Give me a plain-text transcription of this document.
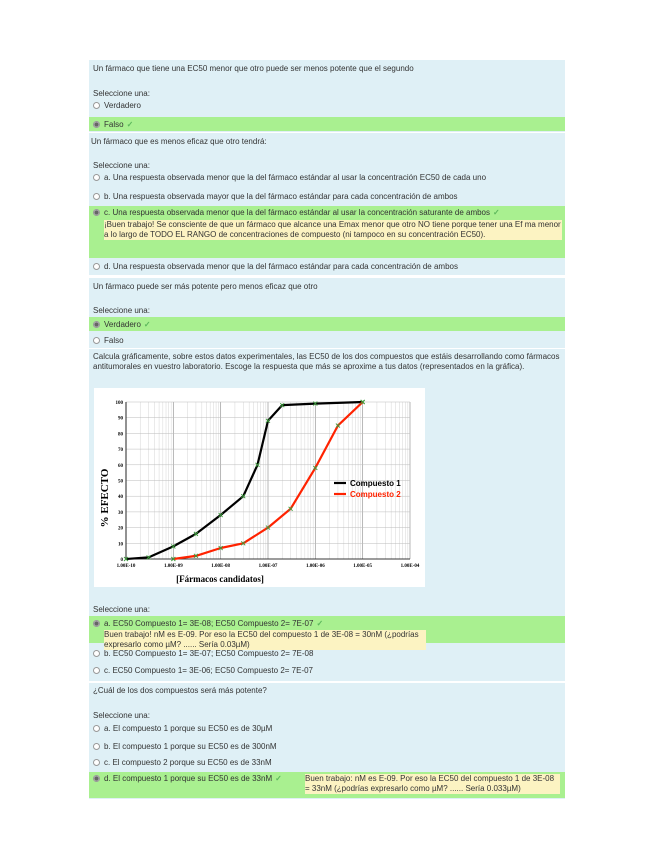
Un fármaco que tiene una EC50 menor que otro puede ser menos potente que el segundo
Seleccione una:
Verdadero
Falso ✓
Un fármaco que es menos eficaz que otro tendrá:
Seleccione una:
a. Una respuesta observada menor que la del fármaco estándar al usar la concentración EC50 de cada uno
b. Una respuesta observada mayor que la del fármaco estándar para cada concentración de ambos
c. Una respuesta observada menor que la del fármaco estándar al usar la concentración saturante de ambos ✓
¡Buen trabajo! Se consciente de que un fármaco que alcance una Emax menor que otro NO tiene porque tener una Ef ma menor a lo largo de TODO EL RANGO de concentraciones de compuesto (ni tampoco en su concentración EC50).
d. Una respuesta observada menor que la del fármaco estándar para cada concentración de ambos
Un fármaco puede ser más potente pero menos eficaz que otro
Seleccione una:
Verdadero ✓
Falso
Calcula gráficamente, sobre estos datos experimentales, las EC50 de los dos compuestos que estáis desarrollando como fármacos antitumorales en vuestro laboratorio. Escoge la respuesta que más se aproxime a tus datos (representados en la gráfica).
0
10
20
30
40
50
60
70
80
90
100
1.00E-10	1.00E-09	1.00E-08	1.00E-07	1.00E-06	1.00E-05	1.00E-04
Compuesto 1
Compuesto 2
% EFECTO
[Fármacos candidatos]
Seleccione una:
a. EC50 Compuesto 1= 3E-08; EC50 Compuesto 2= 7E-07 ✓
Buen trabajo! nM es E-09. Por eso la EC50 del compuesto 1 de 3E-08 = 30nM (¿podrías expresarlo como µM? ...... Sería 0.03µM)
b. EC50 Compuesto 1= 3E-07; EC50 Compuesto 2= 7E-08
c. EC50 Compuesto 1= 3E-06; EC50 Compuesto 2= 7E-07
¿Cuál de los dos compuestos será más potente?
Seleccione una:
a. El compuesto 1 porque su EC50 es de 30µM
b. El compuesto 1 porque su EC50 es de 300nM
c. El compuesto 2 porque su EC50 es de 33nM
d. El compuesto 1 porque su EC50 es de 33nM ✓	Buen trabajo: nM es E-09. Por eso la EC50 del compuesto 1 de 3E-08 = 33nM (¿podrías expresarlo como µM? ...... Sería 0.033µM)
